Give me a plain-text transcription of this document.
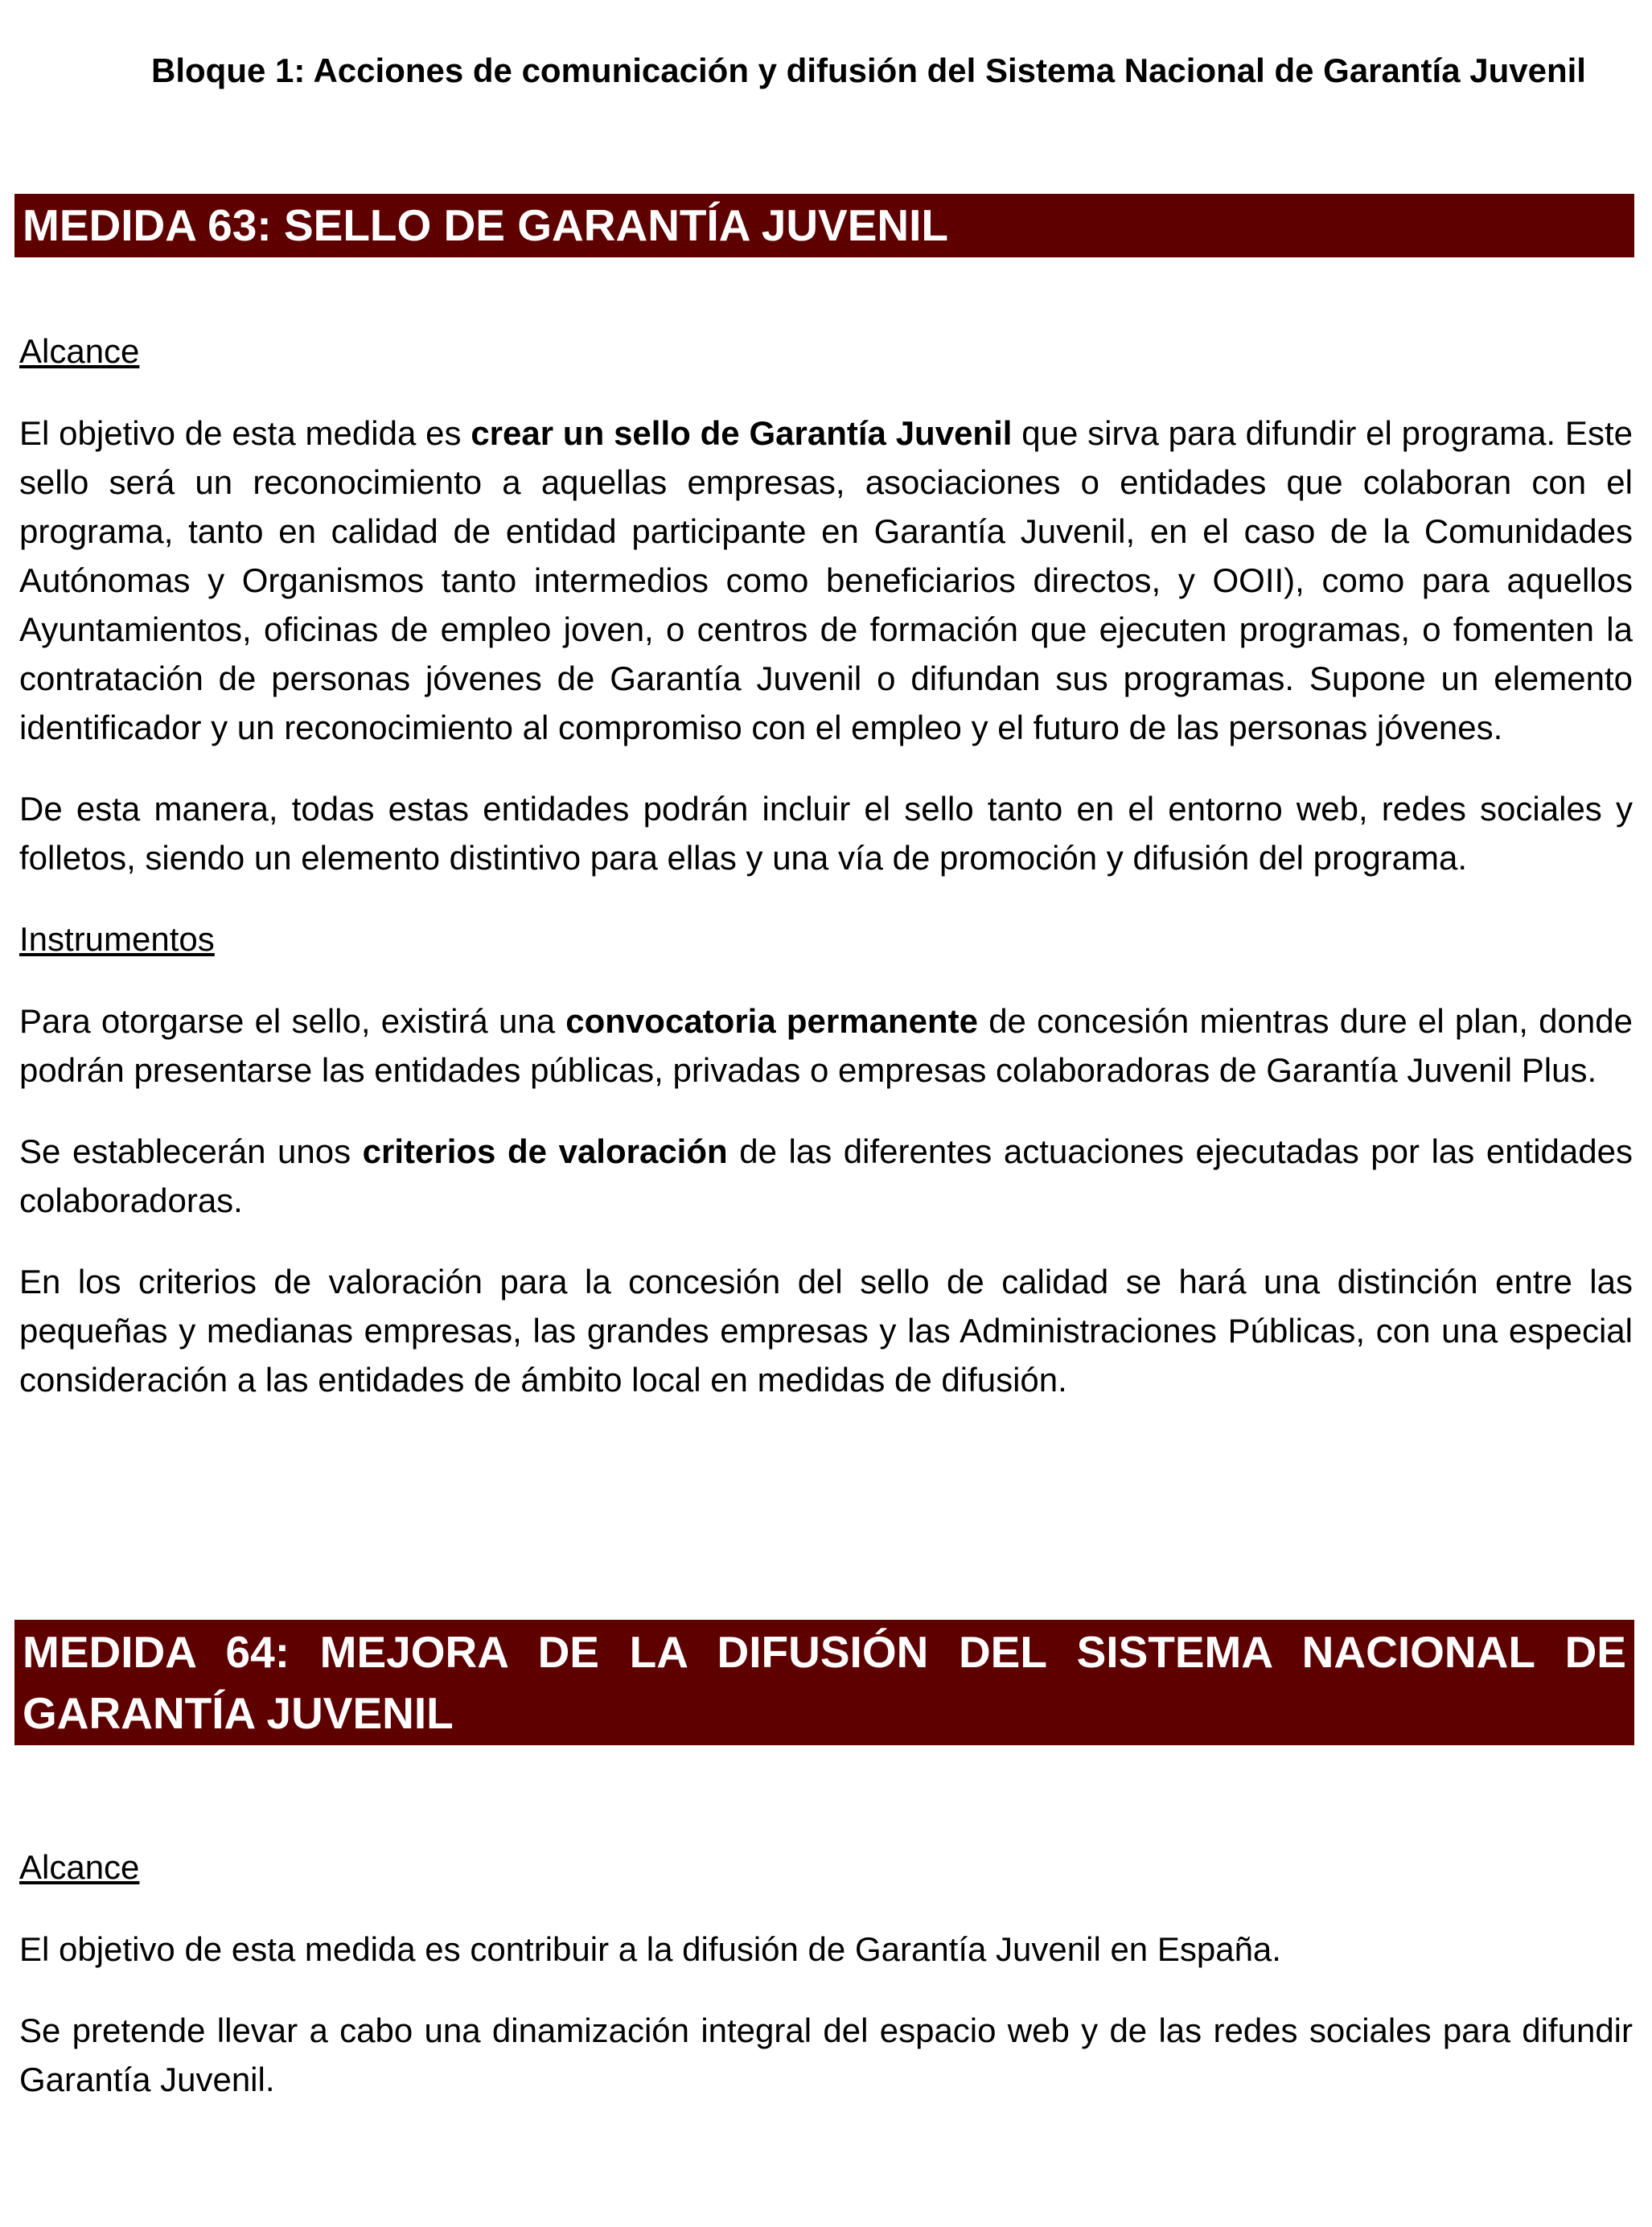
Bloque 1: Acciones de comunicación y difusión del Sistema Nacional de Garantía Juvenil
MEDIDA 63: SELLO DE GARANTÍA JUVENIL

Alcance

El objetivo de esta medida es crear un sello de Garantía Juvenil que sirva para difundir el programa. Este sello será un reconocimiento a aquellas empresas, asociaciones o entidades que colaboran con el programa, tanto en calidad de entidad participante en Garantía Juvenil, en el caso de la Comunidades Autónomas y Organismos tanto intermedios como beneficiarios directos, y OOII), como para aquellos Ayuntamientos, oficinas de empleo joven, o centros de formación que ejecuten programas, o fomenten la contratación de personas jóvenes de Garantía Juvenil o difundan sus programas. Supone un elemento identificador y un reconocimiento al compromiso con el empleo y el futuro de las personas jóvenes.

De esta manera, todas estas entidades podrán incluir el sello tanto en el entorno web, redes sociales y folletos, siendo un elemento distintivo para ellas y una vía de promoción y difusión del programa.

Instrumentos

Para otorgarse el sello, existirá una convocatoria permanente de concesión mientras dure el plan, donde podrán presentarse las entidades públicas, privadas o empresas colaboradoras de Garantía Juvenil Plus.

Se establecerán unos criterios de valoración de las diferentes actuaciones ejecutadas por las entidades colaboradoras.

En los criterios de valoración para la concesión del sello de calidad se hará una distinción entre las pequeñas y medianas empresas, las grandes empresas y las Administraciones Públicas, con una especial consideración a las entidades de ámbito local en medidas de difusión.

MEDIDA 64: MEJORA DE LA DIFUSIÓN DEL SISTEMA NACIONAL DE GARANTÍA JUVENIL

Alcance

El objetivo de esta medida es contribuir a la difusión de Garantía Juvenil en España.

Se pretende llevar a cabo una dinamización integral del espacio web y de las redes sociales para difundir Garantía Juvenil.
